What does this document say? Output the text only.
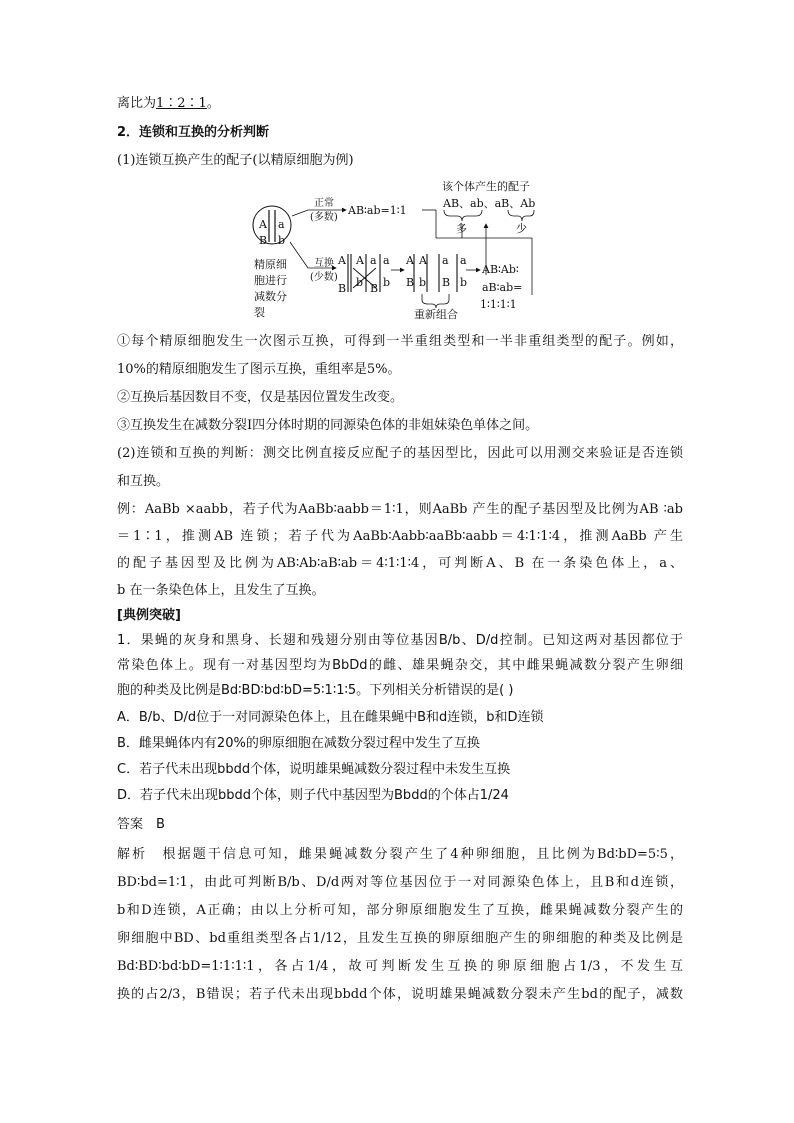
离比为1∶2∶1。
2．连锁和互换的分析判断
(1)连锁互换产生的配子(以精原细胞为例)
A a
B b
精原细
胞进行
减数分
裂
正常
(多数)
AB∶ab=1∶1
该个体产生的配子
AB、ab、aB、Ab
多	少
互换
(少数)
A A a a
B b B b
A
B
A
b
a
B
a
b
重新组合
AB∶Ab∶
aB∶ab=
1∶1∶1∶1
①每个精原细胞发生一次图示互换，可得到一半重组类型和一半非重组类型的配子。例如，
10%的精原细胞发生了图示互换，重组率是5%。
②互换后基因数目不变，仅是基因位置发生改变。
③互换发生在减数分裂Ⅰ四分体时期的同源染色体的非姐妹染色单体之间。
(2)连锁和互换的判断：测交比例直接反应配子的基因型比，因此可以用测交来验证是否连锁
和互换。
例：AaBb ×aabb，若子代为AaBb∶aabb＝1∶1，则AaBb 产生的配子基因型及比例为AB ∶ab
＝1∶1，推测AB 连锁；若子代为AaBb∶Aabb∶aaBb∶aabb＝4∶1∶1∶4，推测AaBb 产生
的配子基因型及比例为AB∶Ab∶aB∶ab＝4∶1∶1∶4，可判断A、B 在一条染色体上，a、
b 在一条染色体上，且发生了互换。
[典例突破]
1．果蝇的灰身和黑身、长翅和残翅分别由等位基因B/b、D/d控制。已知这两对基因都位于
常染色体上。现有一对基因型均为BbDd的雌、雄果蝇杂交，其中雌果蝇减数分裂产生卵细
胞的种类及比例是Bd∶BD∶bd∶bD=5∶1∶1∶5。下列相关分析错误的是( )
A．B/b、D/d位于一对同源染色体上，且在雌果蝇中B和d连锁，b和D连锁
B．雌果蝇体内有20%的卵原细胞在减数分裂过程中发生了互换
C．若子代未出现bbdd个体，说明雄果蝇减数分裂过程中未发生互换
D．若子代未出现bbdd个体，则子代中基因型为Bbdd的个体占1/24
答案　B
解析　根据题干信息可知，雌果蝇减数分裂产生了4种卵细胞，且比例为Bd∶bD=5∶5，
BD∶bd=1∶1，由此可判断B/b、D/d两对等位基因位于一对同源染色体上，且B和d连锁，
b和D连锁，A正确；由以上分析可知，部分卵原细胞发生了互换，雌果蝇减数分裂产生的
卵细胞中BD、bd重组类型各占1/12，且发生互换的卵原细胞产生的卵细胞的种类及比例是
Bd∶BD∶bd∶bD=1∶1∶1∶1，各占1/4，故可判断发生互换的卵原细胞占1/3，不发生互
换的占2/3，B错误；若子代未出现bbdd个体，说明雄果蝇减数分裂未产生bd的配子，减数
